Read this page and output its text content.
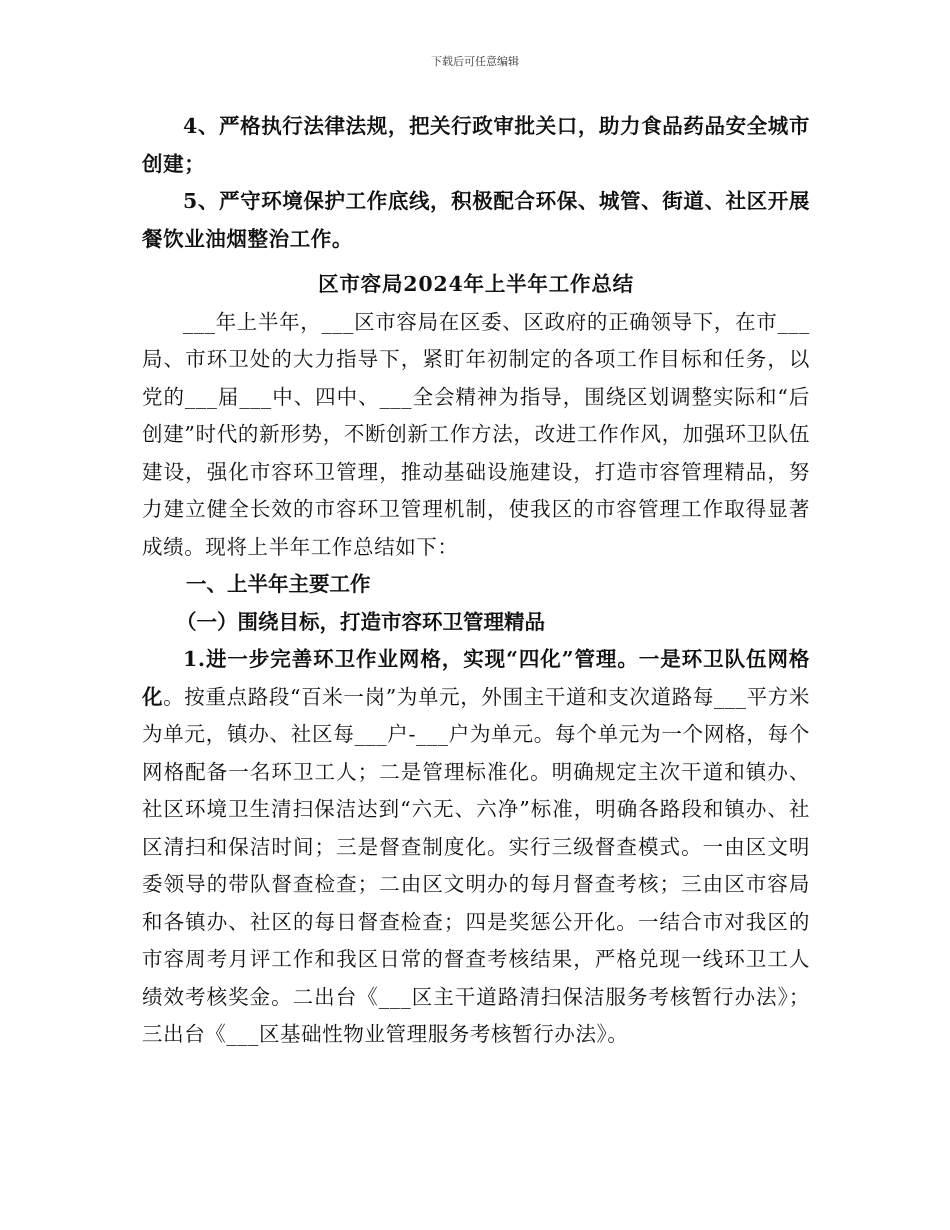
下载后可任意编辑

4、严格执行法律法规，把关行政审批关口，助力食品药品安全城市创建；

5、严守环境保护工作底线，积极配合环保、城管、街道、社区开展餐饮业油烟整治工作。

区市容局2024年上半年工作总结

___年上半年，___区市容局在区委、区政府的正确领导下，在市___局、市环卫处的大力指导下，紧盯年初制定的各项工作目标和任务，以党的___届___中、四中、___全会精神为指导，围绕区划调整实际和“后创建”时代的新形势，不断创新工作方法，改进工作作风，加强环卫队伍建设，强化市容环卫管理，推动基础设施建设，打造市容管理精品，努力建立健全长效的市容环卫管理机制，使我区的市容管理工作取得显著成绩。现将上半年工作总结如下：

一、上半年主要工作

（一）围绕目标，打造市容环卫管理精品

1.进一步完善环卫作业网格，实现“四化”管理。一是环卫队伍网格化。按重点路段“百米一岗”为单元，外围主干道和支次道路每___平方米为单元，镇办、社区每___户-___户为单元。每个单元为一个网格，每个网格配备一名环卫工人；二是管理标准化。明确规定主次干道和镇办、社区环境卫生清扫保洁达到“六无、六净”标准，明确各路段和镇办、社区清扫和保洁时间；三是督查制度化。实行三级督查模式。一由区文明委领导的带队督查检查；二由区文明办的每月督查考核；三由区市容局和各镇办、社区的每日督查检查；四是奖惩公开化。一结合市对我区的市容周考月评工作和我区日常的督查考核结果，严格兑现一线环卫工人绩效考核奖金。二出台《___区主干道路清扫保洁服务考核暂行办法》；三出台《___区基础性物业管理服务考核暂行办法》。
